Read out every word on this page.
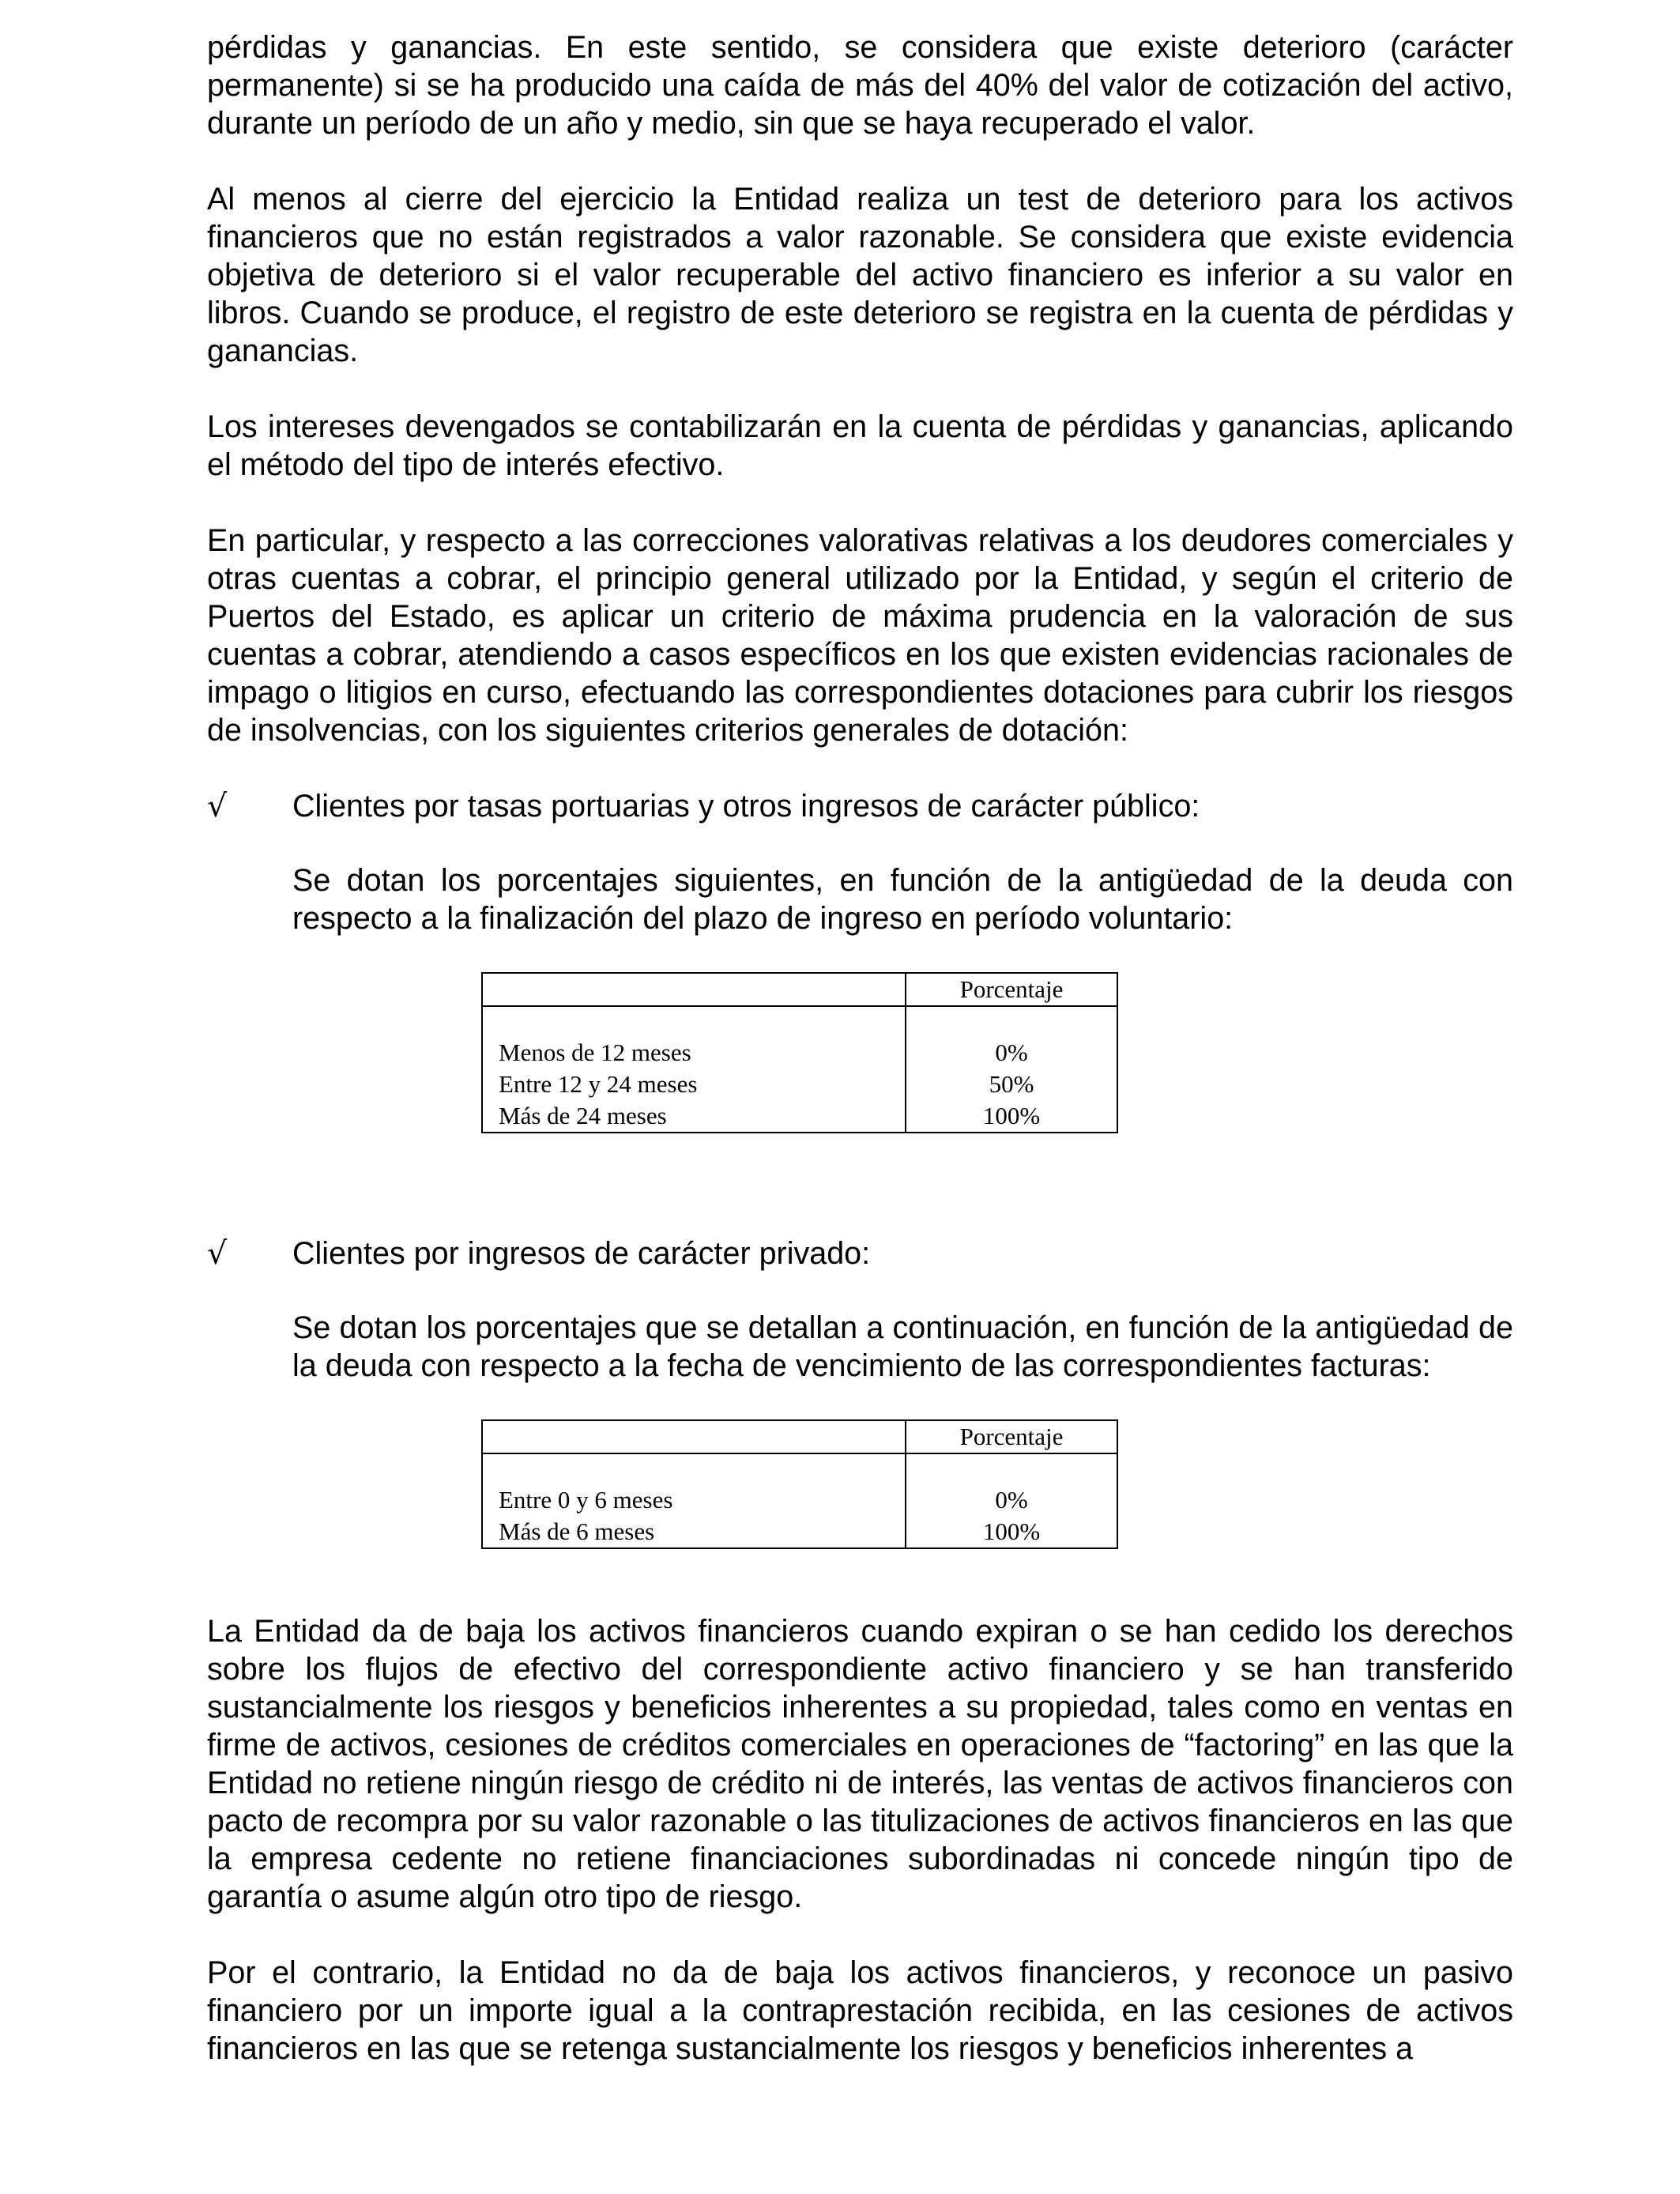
pérdidas y ganancias. En este sentido, se considera que existe deterioro (carácter permanente) si se ha producido una caída de más del 40% del valor de cotización del activo, durante un período de un año y medio, sin que se haya recuperado el valor.

Al menos al cierre del ejercicio la Entidad realiza un test de deterioro para los activos financieros que no están registrados a valor razonable. Se considera que existe evidencia objetiva de deterioro si el valor recuperable del activo financiero es inferior a su valor en libros. Cuando se produce, el registro de este deterioro se registra en la cuenta de pérdidas y ganancias.

Los intereses devengados se contabilizarán en la cuenta de pérdidas y ganancias, aplicando el método del tipo de interés efectivo.

En particular, y respecto a las correcciones valorativas relativas a los deudores comerciales y otras cuentas a cobrar, el principio general utilizado por la Entidad, y según el criterio de Puertos del Estado, es aplicar un criterio de máxima prudencia en la valoración de sus cuentas a cobrar, atendiendo a casos específicos en los que existen evidencias racionales de impago o litigios en curso, efectuando las correspondientes dotaciones para cubrir los riesgos de insolvencias, con los siguientes criterios generales de dotación:

√ Clientes por tasas portuarias y otros ingresos de carácter público:

Se dotan los porcentajes siguientes, en función de la antigüedad de la deuda con respecto a la finalización del plazo de ingreso en período voluntario:

	Porcentaje

Menos de 12 meses	0%
Entre 12 y 24 meses	50%
Más de 24 meses	100%
√ Clientes por ingresos de carácter privado:

Se dotan los porcentajes que se detallan a continuación, en función de la antigüedad de la deuda con respecto a la fecha de vencimiento de las correspondientes facturas:

	Porcentaje

Entre 0 y 6 meses	0%
Más de 6 meses	100%

La Entidad da de baja los activos financieros cuando expiran o se han cedido los derechos sobre los flujos de efectivo del correspondiente activo financiero y se han transferido sustancialmente los riesgos y beneficios inherentes a su propiedad, tales como en ventas en firme de activos, cesiones de créditos comerciales en operaciones de “factoring” en las que la Entidad no retiene ningún riesgo de crédito ni de interés, las ventas de activos financieros con pacto de recompra por su valor razonable o las titulizaciones de activos financieros en las que la empresa cedente no retiene financiaciones subordinadas ni concede ningún tipo de garantía o asume algún otro tipo de riesgo.

Por el contrario, la Entidad no da de baja los activos financieros, y reconoce un pasivo financiero por un importe igual a la contraprestación recibida, en las cesiones de activos financieros en las que se retenga sustancialmente los riesgos y beneficios inherentes a
